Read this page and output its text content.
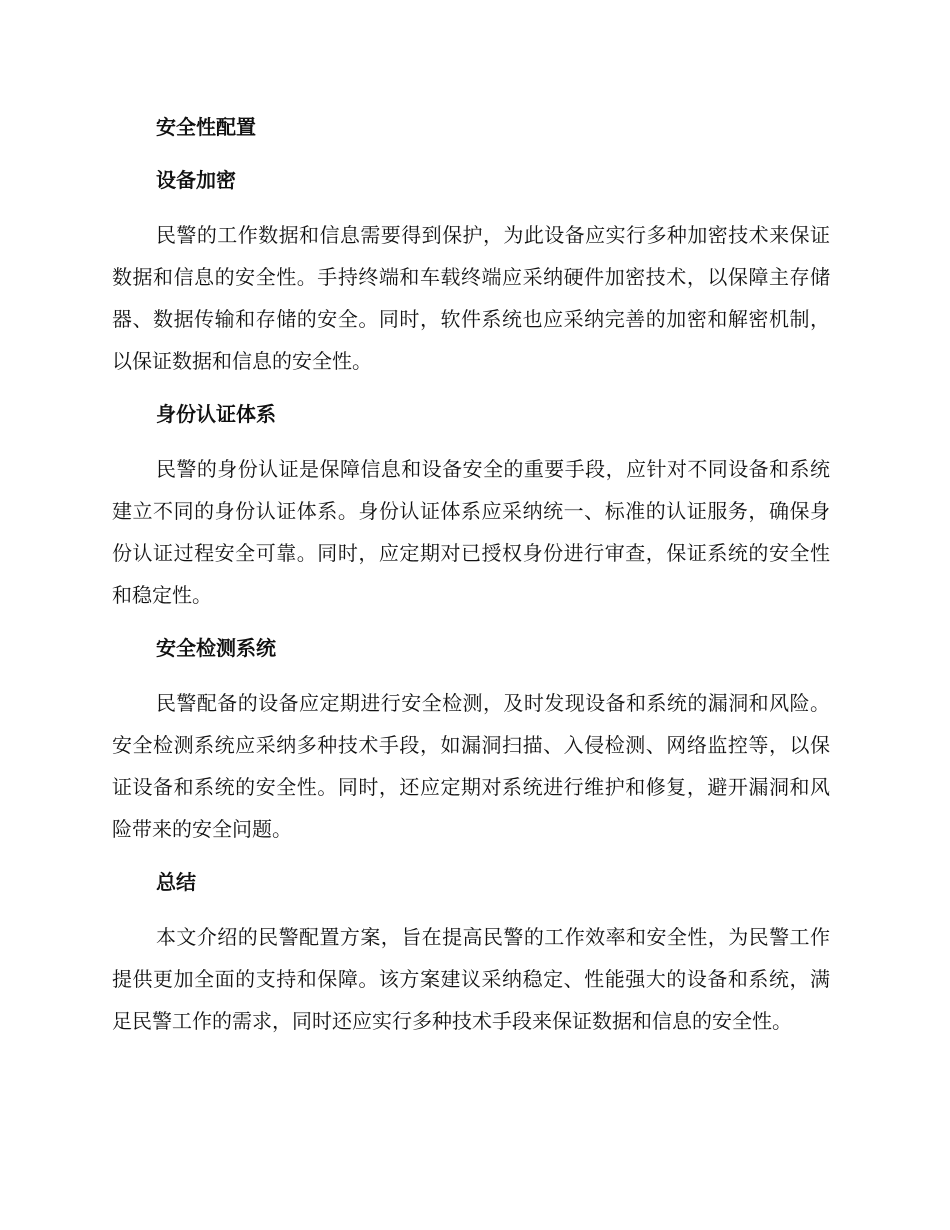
安全性配置
设备加密

民警的工作数据和信息需要得到保护，为此设备应实行多种加密技术来保证数据和信息的安全性。手持终端和车载终端应采纳硬件加密技术，以保障主存储器、数据传输和存储的安全。同时，软件系统也应采纳完善的加密和解密机制，以保证数据和信息的安全性。

身份认证体系

民警的身份认证是保障信息和设备安全的重要手段，应针对不同设备和系统建立不同的身份认证体系。身份认证体系应采纳统一、标准的认证服务，确保身份认证过程安全可靠。同时，应定期对已授权身份进行审查，保证系统的安全性和稳定性。

安全检测系统

民警配备的设备应定期进行安全检测，及时发现设备和系统的漏洞和风险。安全检测系统应采纳多种技术手段，如漏洞扫描、入侵检测、网络监控等，以保证设备和系统的安全性。同时，还应定期对系统进行维护和修复，避开漏洞和风险带来的安全问题。

总结

本文介绍的民警配置方案，旨在提高民警的工作效率和安全性，为民警工作提供更加全面的支持和保障。该方案建议采纳稳定、性能强大的设备和系统，满足民警工作的需求，同时还应实行多种技术手段来保证数据和信息的安全性。
